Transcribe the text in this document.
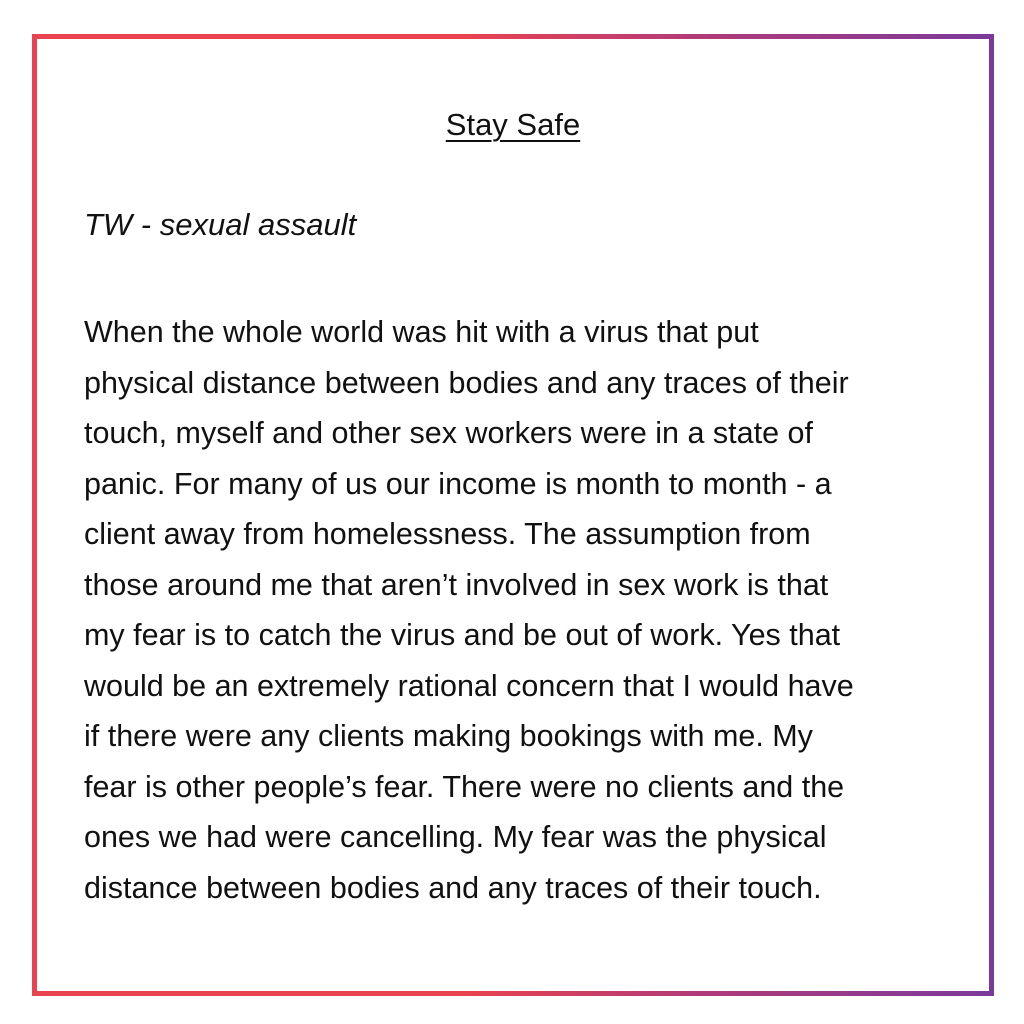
Stay Safe
TW - sexual assault
When the whole world was hit with a virus that put
physical distance between bodies and any traces of their
touch, myself and other sex workers were in a state of
panic. For many of us our income is month to month - a
client away from homelessness. The assumption from
those around me that aren’t involved in sex work is that
my fear is to catch the virus and be out of work. Yes that
would be an extremely rational concern that I would have
if there were any clients making bookings with me. My
fear is other people’s fear. There were no clients and the
ones we had were cancelling. My fear was the physical
distance between bodies and any traces of their touch.
